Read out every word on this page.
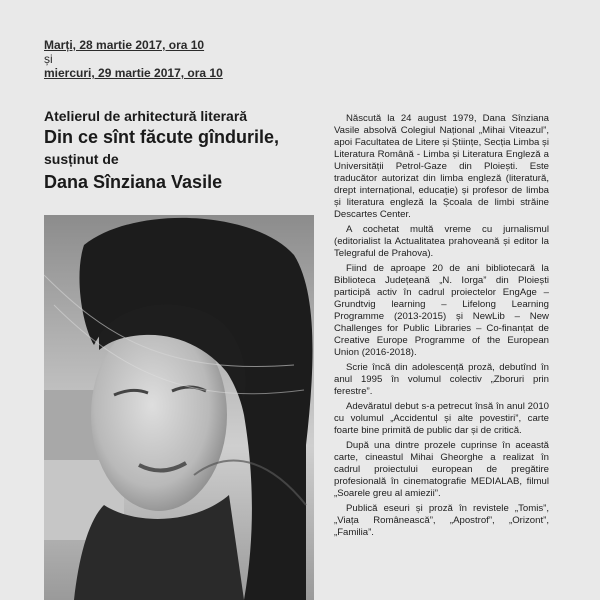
Marți, 28 martie 2017, ora 10
și
miercuri, 29 martie 2017, ora 10
Atelierul de arhitectură literară
Din ce sînt făcute gîndurile,
susținut de
Dana Sînziana Vasile

Născută la 24 august 1979, Dana Sînziana Vasile absolvă Colegiul Național „Mihai Viteazul”, apoi Facultatea de Litere și Științe, Secția Limba și Literatura Română - Limba și Literatura Engleză a Universității Petrol-Gaze din Ploiești. Este traducător autorizat din limba engleză (literatură, drept internațional, educație) și profesor de limba și literatura engleză la Școala de limbi străine Descartes Center.

A cochetat multă vreme cu jurnalismul (editorialist la Actualitatea prahoveană și editor la Telegraful de Prahova).

Fiind de aproape 20 de ani bibliotecară la Biblioteca Județeană „N. Iorga” din Ploiești participă activ în cadrul proiectelor EngAge – Grundtvig learning – Lifelong Learning Programme (2013-2015) și NewLib – New Challenges for Public Libraries – Co-finanțat de Creative Europe Programme of the European Union (2016-2018).

Scrie încă din adolescență proză, debutînd în anul 1995 în volumul colectiv „Zboruri prin ferestre”.

Adevăratul debut s-a petrecut însă în anul 2010 cu volumul „Accidentul și alte povestiri”, carte foarte bine primită de public dar și de critică.

După una dintre prozele cuprinse în această carte, cineastul Mihai Gheorghe a realizat în cadrul proiectului european de pregătire profesională în cinematografie MEDIALAB, filmul „Soarele greu al amiezii”.

Publică eseuri și proză în revistele „Tomis”, „Viața Românească”, „Apostrof”, „Orizont”, „Familia”.
